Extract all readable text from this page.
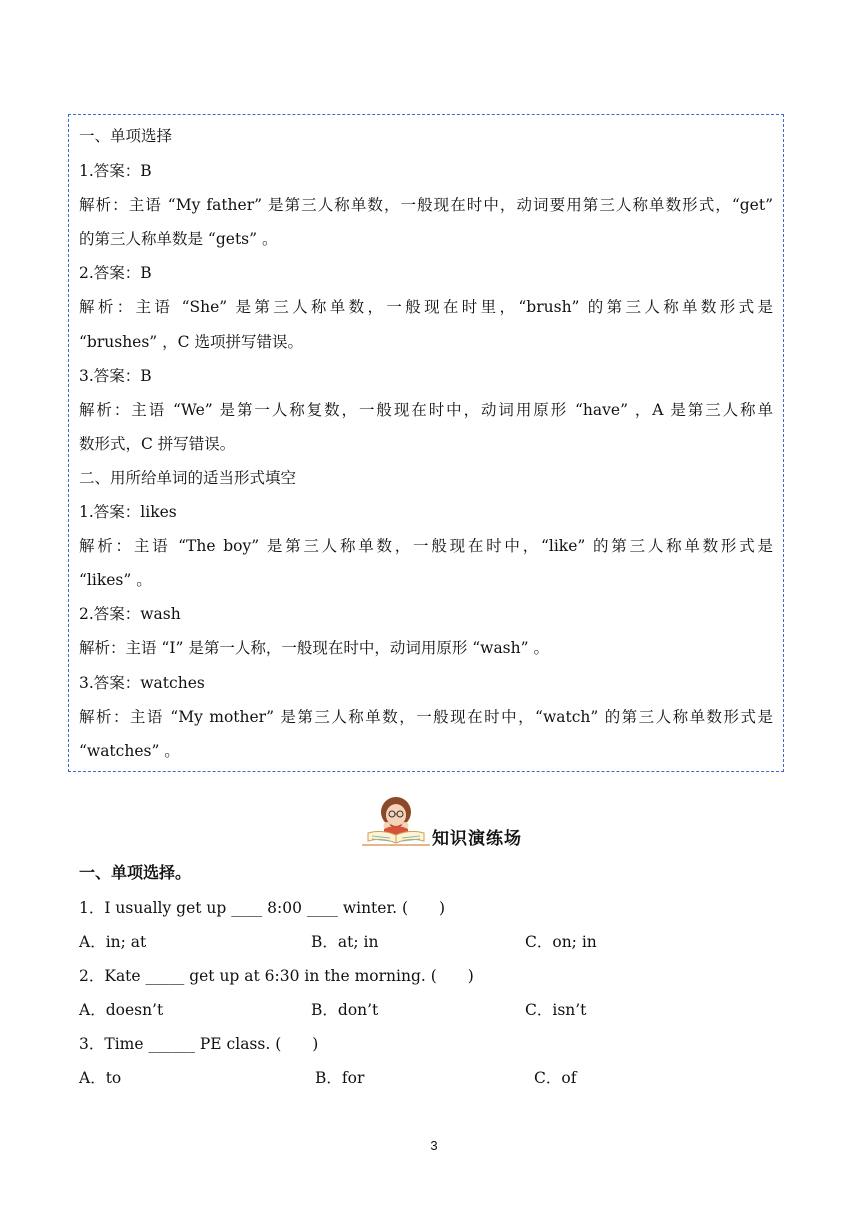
一、单项选择
1.答案：B
解析：主语 “My father” 是第三人称单数，一般现在时中，动词要用第三人称单数形式，“get”
的第三人称单数是 “gets” 。
2.答案：B
解析：主语 “She” 是第三人称单数，一般现在时里，“brush” 的第三人称单数形式是
“brushes” ，C 选项拼写错误。
3.答案：B
解析：主语 “We” 是第一人称复数，一般现在时中，动词用原形 “have” ，A 是第三人称单
数形式，C 拼写错误。
二、用所给单词的适当形式填空
1.答案：likes
解析：主语 “The boy” 是第三人称单数，一般现在时中，“like” 的第三人称单数形式是
“likes” 。
2.答案：wash
解析：主语 “I” 是第一人称，一般现在时中，动词用原形 “wash” 。
3.答案：watches
解析：主语 “My mother” 是第三人称单数，一般现在时中，“watch” 的第三人称单数形式是
“watches” 。
知识演练场
一、单项选择。
1．I usually get up ____ 8:00 ____ winter. (　　)
A．in; at	B．at; in	C．on; in
2．Kate _____ get up at 6:30 in the morning. (　　)
A．doesn’t	B．don’t	C．isn’t
3．Time ______ PE class. (　　)
A．to	B．for	C．of
3
